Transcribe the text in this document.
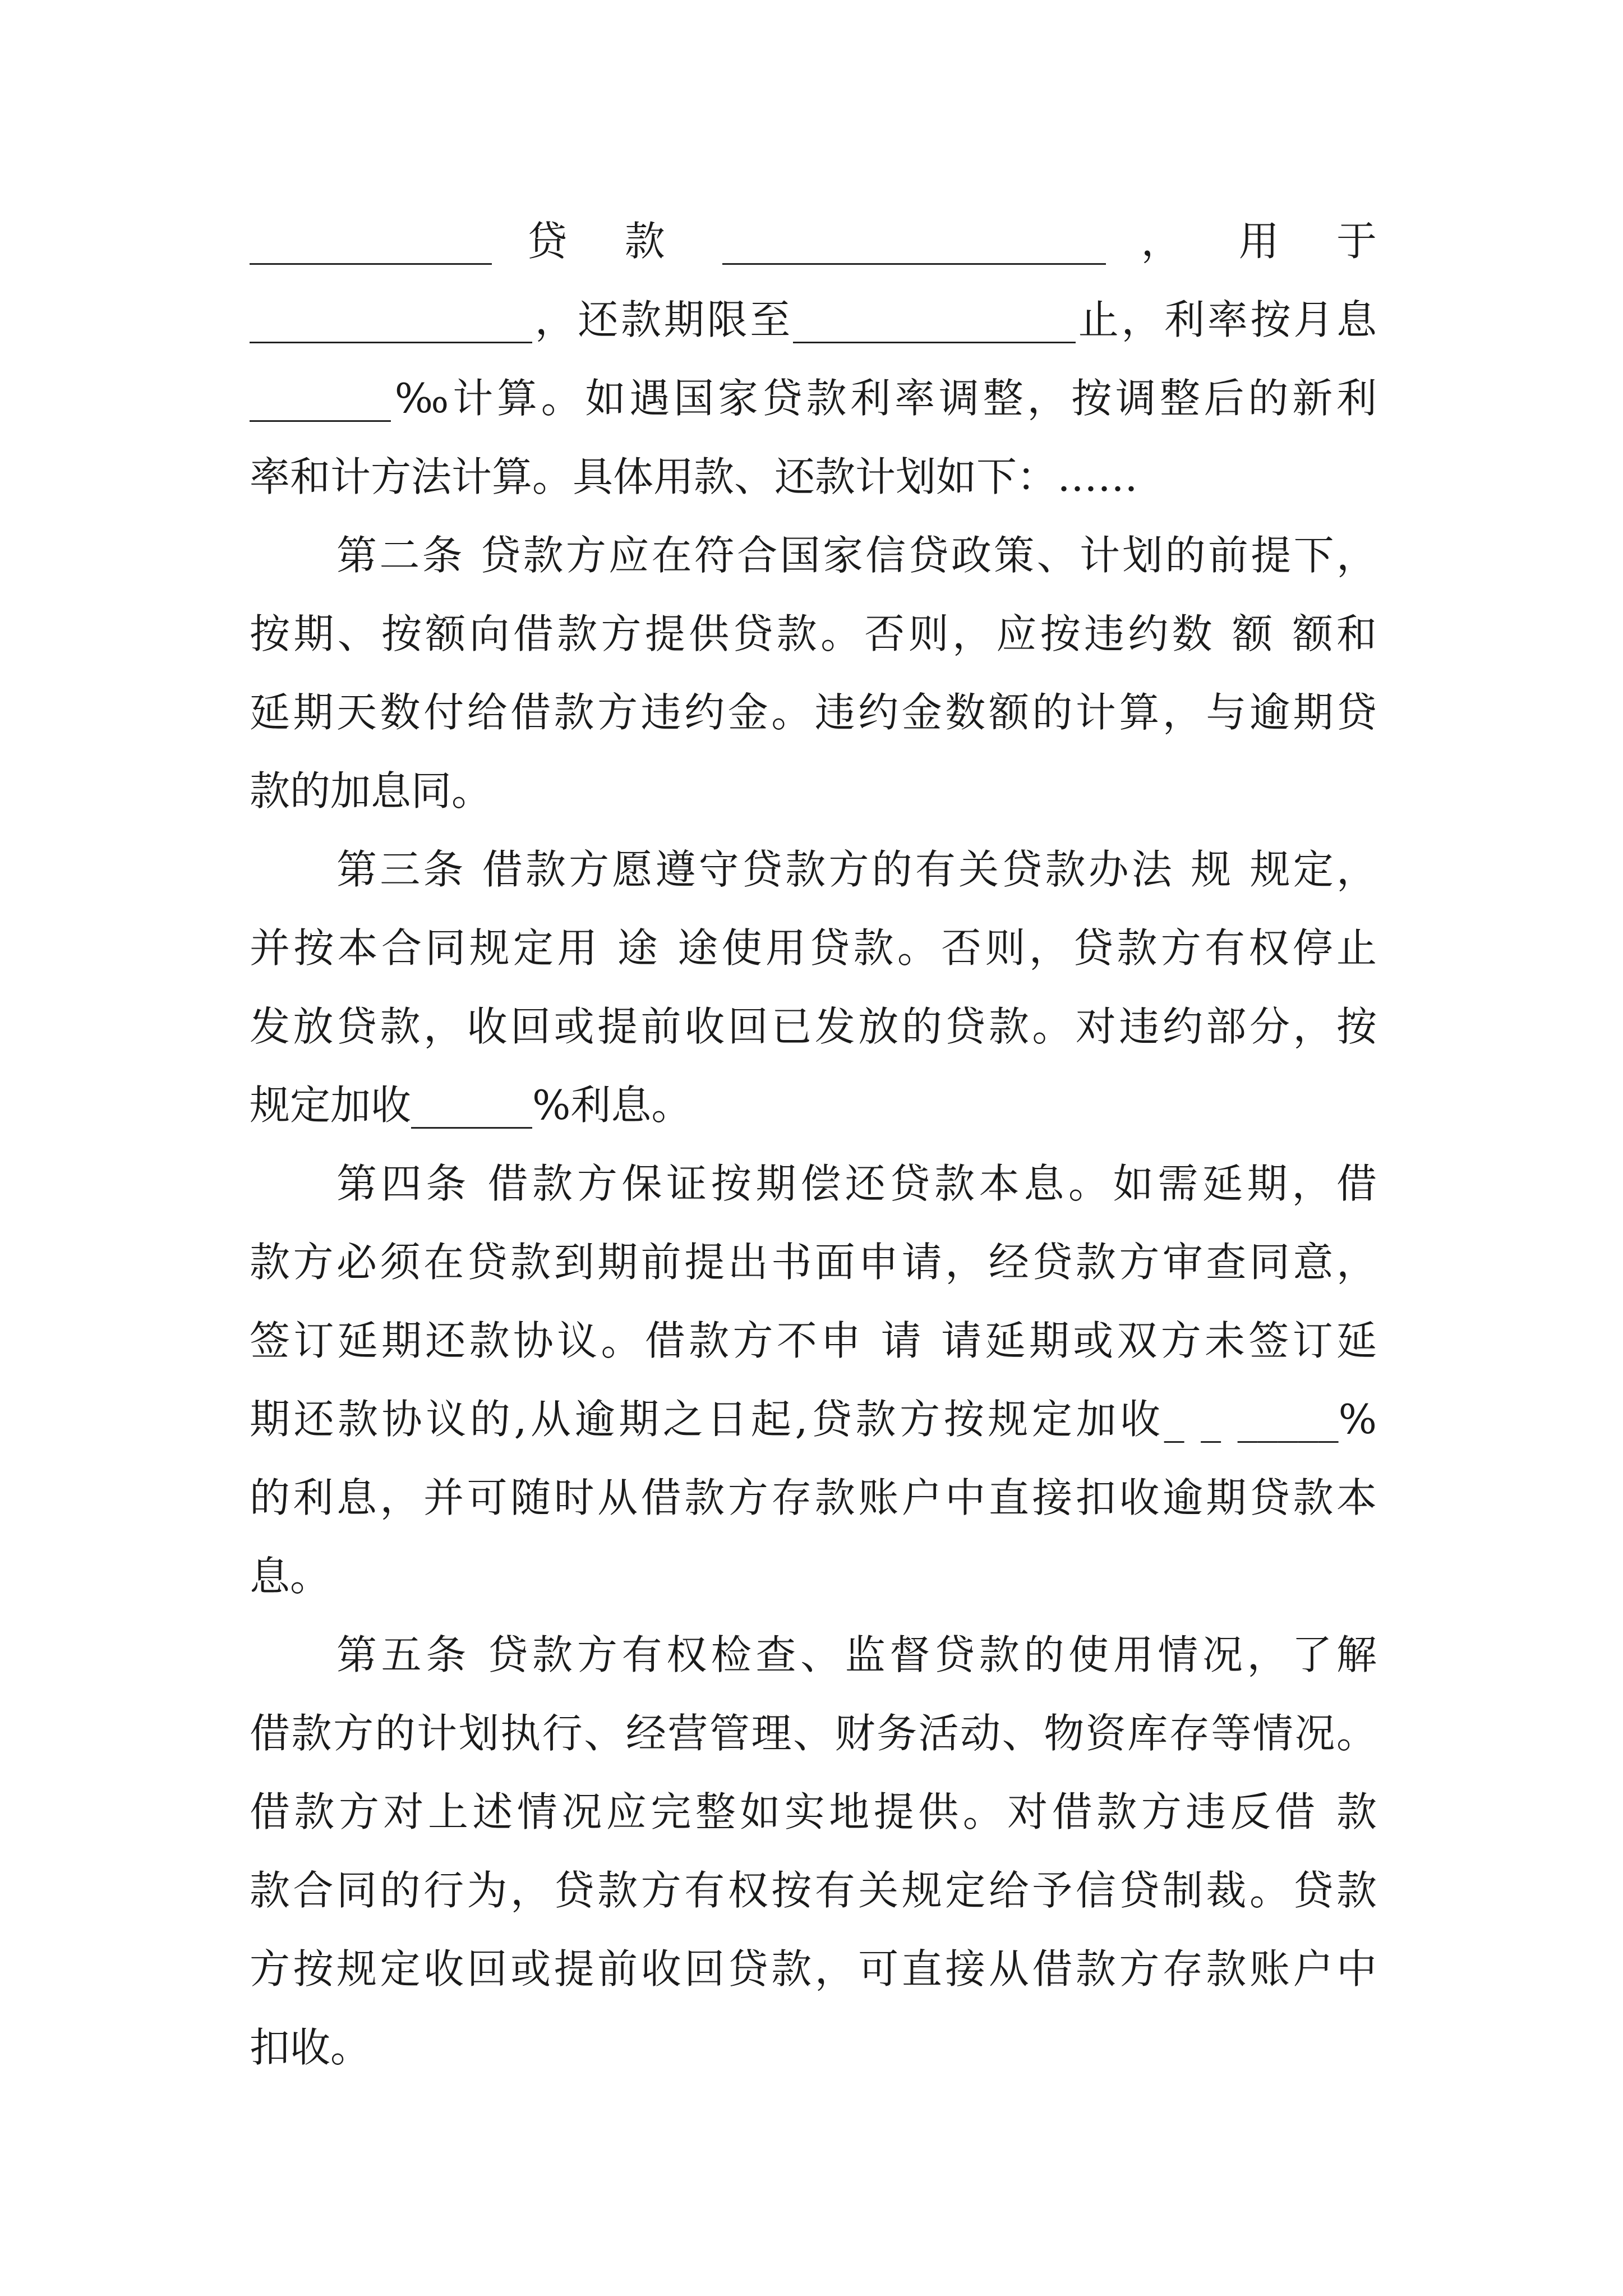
____________ 贷 款 ___________________ ， 用 于
______________，还款期限至______________止，利率按月息
_______‰计算。如遇国家贷款利率调整，按调整后的新利
率和计方法计算。具体用款、还款计划如下：……
第二条 贷款方应在符合国家信贷政策、计划的前提下，
按期、按额向借款方提供贷款。否则，应按违约数 额 额和
延期天数付给借款方违约金。违约金数额的计算，与逾期贷
款的加息同。
第三条 借款方愿遵守贷款方的有关贷款办法 规 规定，
并按本合同规定用 途 途使用贷款。否则，贷款方有权停止
发放贷款，收回或提前收回已发放的贷款。对违约部分，按
规定加收______%利息。
第四条 借款方保证按期偿还贷款本息。如需延期，借
款方必须在贷款到期前提出书面申请，经贷款方审查同意，
签订延期还款协议。借款方不申 请 请延期或双方未签订延
期还款协议的,从逾期之日起,贷款方按规定加收_ _ _____%
的利息，并可随时从借款方存款账户中直接扣收逾期贷款本
息。
第五条 贷款方有权检查、监督贷款的使用情况，了解
借款方的计划执行、经营管理、财务活动、物资库存等情况。
借款方对上述情况应完整如实地提供。对借款方违反借 款
款合同的行为，贷款方有权按有关规定给予信贷制裁。贷款
方按规定收回或提前收回贷款，可直接从借款方存款账户中
扣收。
